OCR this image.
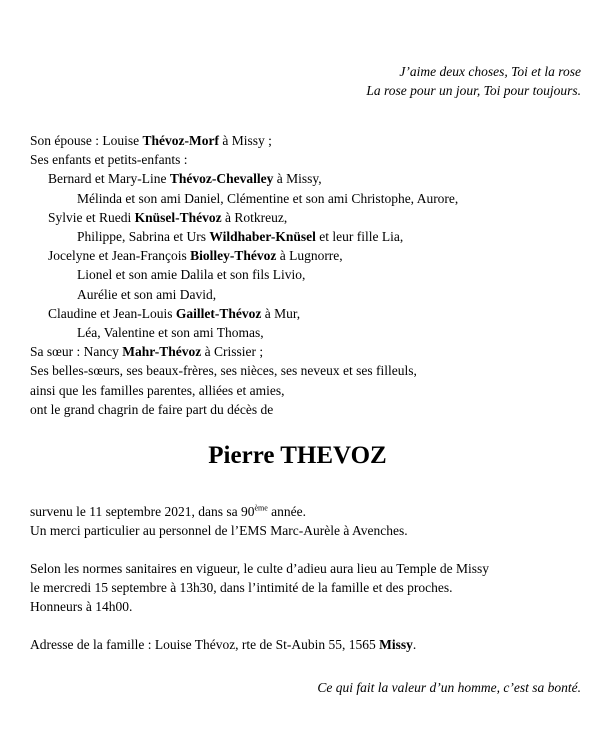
J’aime deux choses, Toi et la rose
La rose pour un jour, Toi pour toujours.
Son épouse : Louise Thévoz-Morf à Missy ;
Ses enfants et petits-enfants :
Bernard et Mary-Line Thévoz-Chevalley à Missy,
Mélinda et son ami Daniel, Clémentine et son ami Christophe, Aurore,
Sylvie et Ruedi Knüsel-Thévoz à Rotkreuz,
Philippe, Sabrina et Urs Wildhaber-Knüsel et leur fille Lia,
Jocelyne et Jean-François Biolley-Thévoz à Lugnorre,
Lionel et son amie Dalila et son fils Livio,
Aurélie et son ami David,
Claudine et Jean-Louis Gaillet-Thévoz à Mur,
Léa, Valentine et son ami Thomas,
Sa sœur : Nancy Mahr-Thévoz à Crissier ;
Ses belles-sœurs, ses beaux-frères, ses nièces, ses neveux et ses filleuls,
ainsi que les familles parentes, alliées et amies,
ont le grand chagrin de faire part du décès de
Pierre THEVOZ
survenu le 11 septembre 2021, dans sa 90ème année.
Un merci particulier au personnel de l’EMS Marc-Aurèle à Avenches.
Selon les normes sanitaires en vigueur, le culte d’adieu aura lieu au Temple de Missy
le mercredi 15 septembre à 13h30, dans l’intimité de la famille et des proches.
Honneurs à 14h00.
Adresse de la famille : Louise Thévoz, rte de St-Aubin 55, 1565 Missy.
Ce qui fait la valeur d’un homme, c’est sa bonté.
